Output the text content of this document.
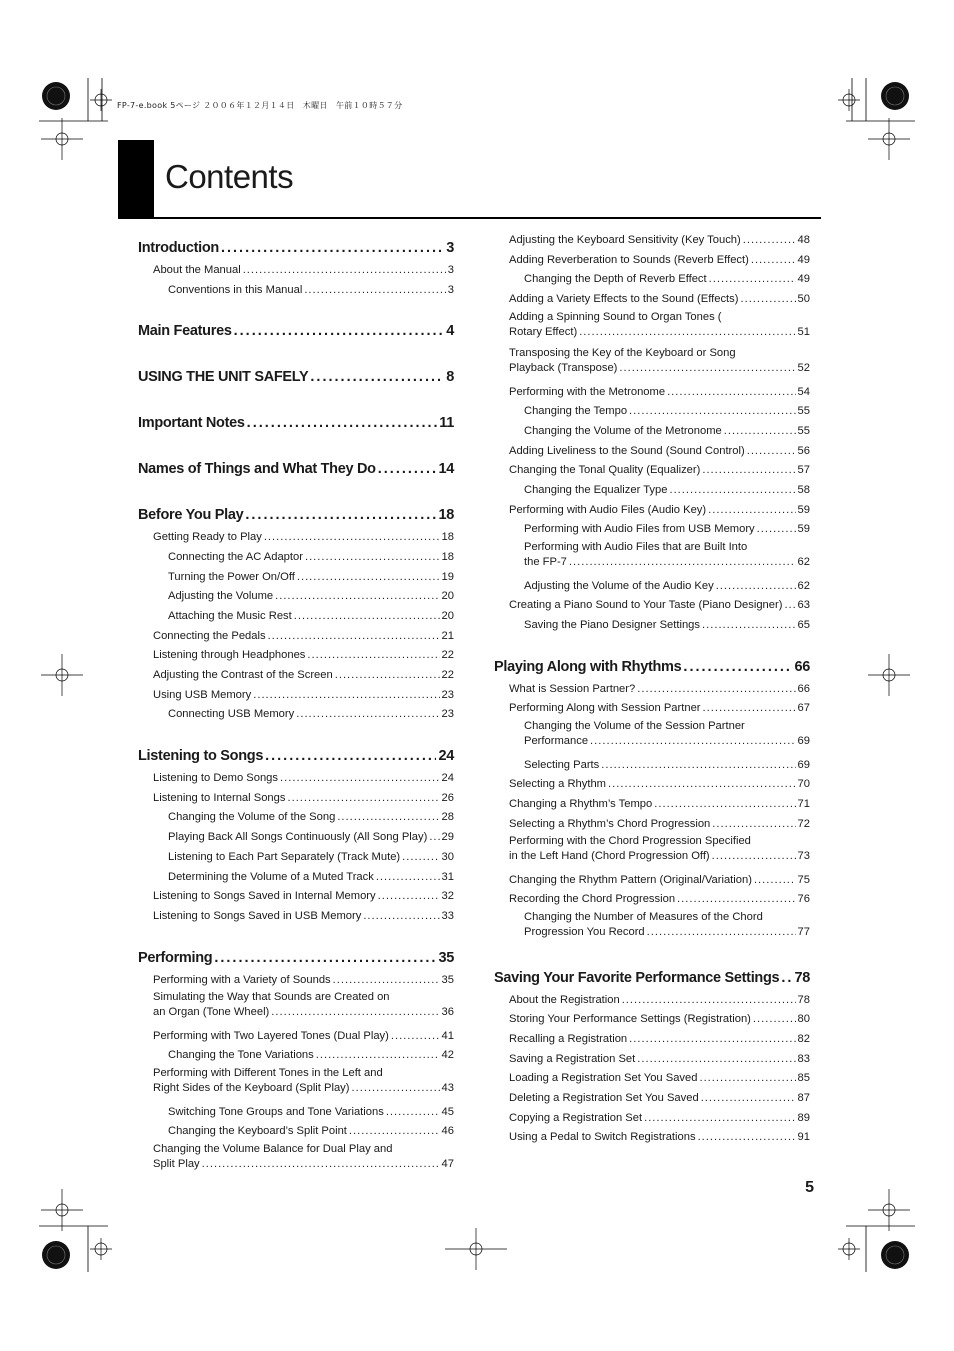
FP-7-e.book 5ページ ２００６年１２月１４日　木曜日　午前１０時５７分
Contents
Introduction .....	3
About the Manual .....	3
Conventions in this Manual .....	3
Main Features .....	4
USING THE UNIT SAFELY .....	8
Important Notes .....	11
Names of Things and What They Do .....	14
Before You Play .....	18
Getting Ready to Play .....	18
Connecting the AC Adaptor .....	18
Turning the Power On/Off .....	19
Adjusting the Volume .....	20
Attaching the Music Rest .....	20
Connecting the Pedals .....	21
Listening through Headphones .....	22
Adjusting the Contrast of the Screen .....	22
Using USB Memory .....	23
Connecting USB Memory .....	23
Listening to Songs .....	24
Listening to Demo Songs .....	24
Listening to Internal Songs .....	26
Changing the Volume of the Song .....	28
Playing Back All Songs Continuously (All Song Play) ..... 29
Listening to Each Part Separately (Track Mute) .....	30
Determining the Volume of a Muted Track .....	31
Listening to Songs Saved in Internal Memory .....	32
Listening to Songs Saved in USB Memory .....	33
Performing .....	35
Performing with a Variety of Sounds .....	35
Simulating the Way that Sounds are Created on
an Organ (Tone Wheel) .....	36
Performing with Two Layered Tones (Dual Play) .....	41
Changing the Tone Variations .....	42
Performing with Different Tones in the Left and
Right Sides of the Keyboard (Split Play) .....	43
Switching Tone Groups and Tone Variations .....	45
Changing the Keyboard’s Split Point .....	46
Changing the Volume Balance for Dual Play and
Split Play .....	47
Adjusting the Keyboard Sensitivity (Key Touch) .....	48
Adding Reverberation to Sounds (Reverb Effect) .....	49
Changing the Depth of Reverb Effect .....	49
Adding a Variety Effects to the Sound (Effects) .....	50
Adding a Spinning Sound to Organ Tones (
Rotary Effect) .....	51
Transposing the Key of the Keyboard or Song
Playback (Transpose) .....	52
Performing with the Metronome .....	54
Changing the Tempo .....	55
Changing the Volume of the Metronome .....	55
Adding Liveliness to the Sound (Sound Control) .....	56
Changing the Tonal Quality (Equalizer) .....	57
Changing the Equalizer Type .....	58
Performing with Audio Files (Audio Key) .....	59
Performing with Audio Files from USB Memory .....	59
Performing with Audio Files that are Built Into
the FP-7 .....	62
Adjusting the Volume of the Audio Key .....	62
Creating a Piano Sound to Your Taste (Piano Designer) ..... 63
Saving the Piano Designer Settings .....	65
Playing Along with Rhythms .....	66
What is Session Partner? .....	66
Performing Along with Session Partner .....	67
Changing the Volume of the Session Partner
Performance .....	69
Selecting Parts .....	69
Selecting a Rhythm .....	70
Changing a Rhythm’s Tempo .....	71
Selecting a Rhythm’s Chord Progression .....	72
Performing with the Chord Progression Specified
in the Left Hand (Chord Progression Off) .....	73
Changing the Rhythm Pattern (Original/Variation) .....	75
Recording the Chord Progression .....	76
Changing the Number of Measures of the Chord
Progression You Record .....	77
Saving Your Favorite Performance Settings ..... 78
About the Registration .....	78
Storing Your Performance Settings (Registration) .....	80
Recalling a Registration .....	82
Saving a Registration Set .....	83
Loading a Registration Set You Saved .....	85
Deleting a Registration Set You Saved .....	87
Copying a Registration Set .....	89
Using a Pedal to Switch Registrations .....	91
5
